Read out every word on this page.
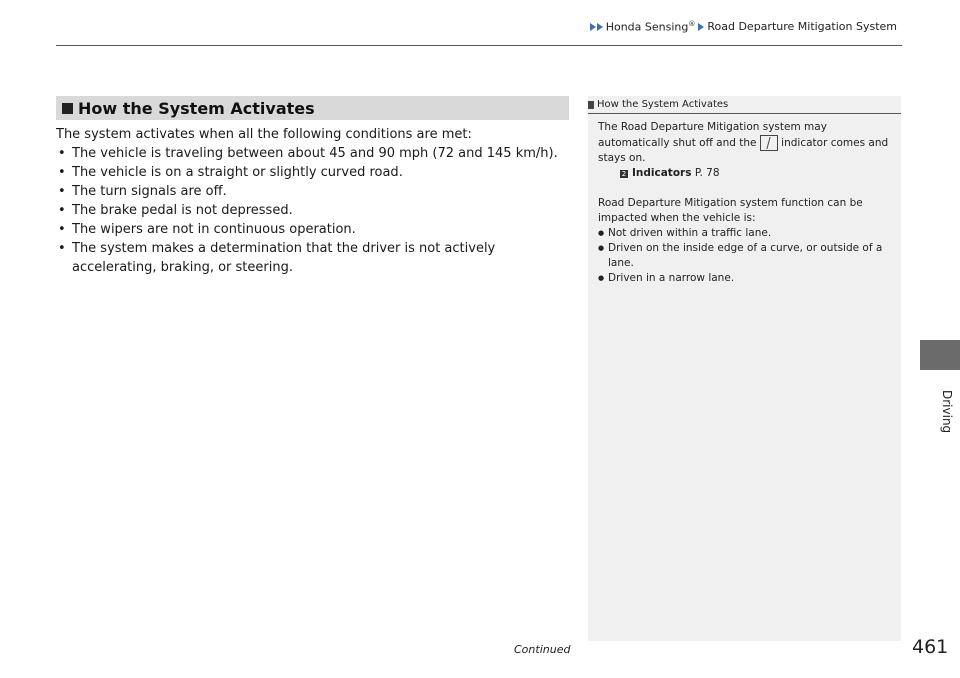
Honda Sensing® Road Departure Mitigation System
How the System Activates

The system activates when all the following conditions are met:

• The vehicle is traveling between about 45 and 90 mph (72 and 145 km/h).
• The vehicle is on a straight or slightly curved road.
• The turn signals are off.
• The brake pedal is not depressed.
• The wipers are not in continuous operation.
• The system makes a determination that the driver is not actively accelerating, braking, or steering.
How the System Activates

The Road Departure Mitigation system may automatically shut off and the indicator comes and stays on.

2 Indicators P. 78

Road Departure Mitigation system function can be impacted when the vehicle is:

● Not driven within a traffic lane.
● Driven on the inside edge of a curve, or outside of a lane.
● Driven in a narrow lane.
Driving
Continued	461
